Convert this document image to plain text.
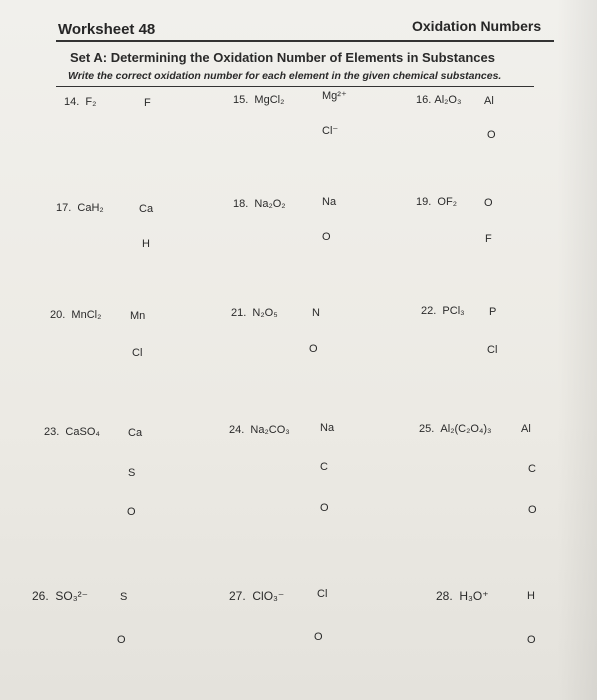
Worksheet 48	Oxidation Numbers
Set A: Determining the Oxidation Number of Elements in Substances
Write the correct oxidation number for each element in the given chemical substances.
14. F₂	F	15. MgCl₂	Mg²⁺
Cl⁻
16. Al₂O₃ Al
O
17. CaH₂	Ca
H
18. Na₂O₂	Na
O
19. OF₂ O
F
20. MnCl₂	Mn
Cl
21. N₂O₅	N
O
22. PCl₃ P
Cl
23. CaSO₄	Ca
S
O
24. Na₂CO₃	Na
C
O
25. Al₂(C₂O₄)₃	Al
C
O
26. SO₃²⁻	S
O
27. ClO₃⁻	Cl
O
28. H₃O⁺	H
O
